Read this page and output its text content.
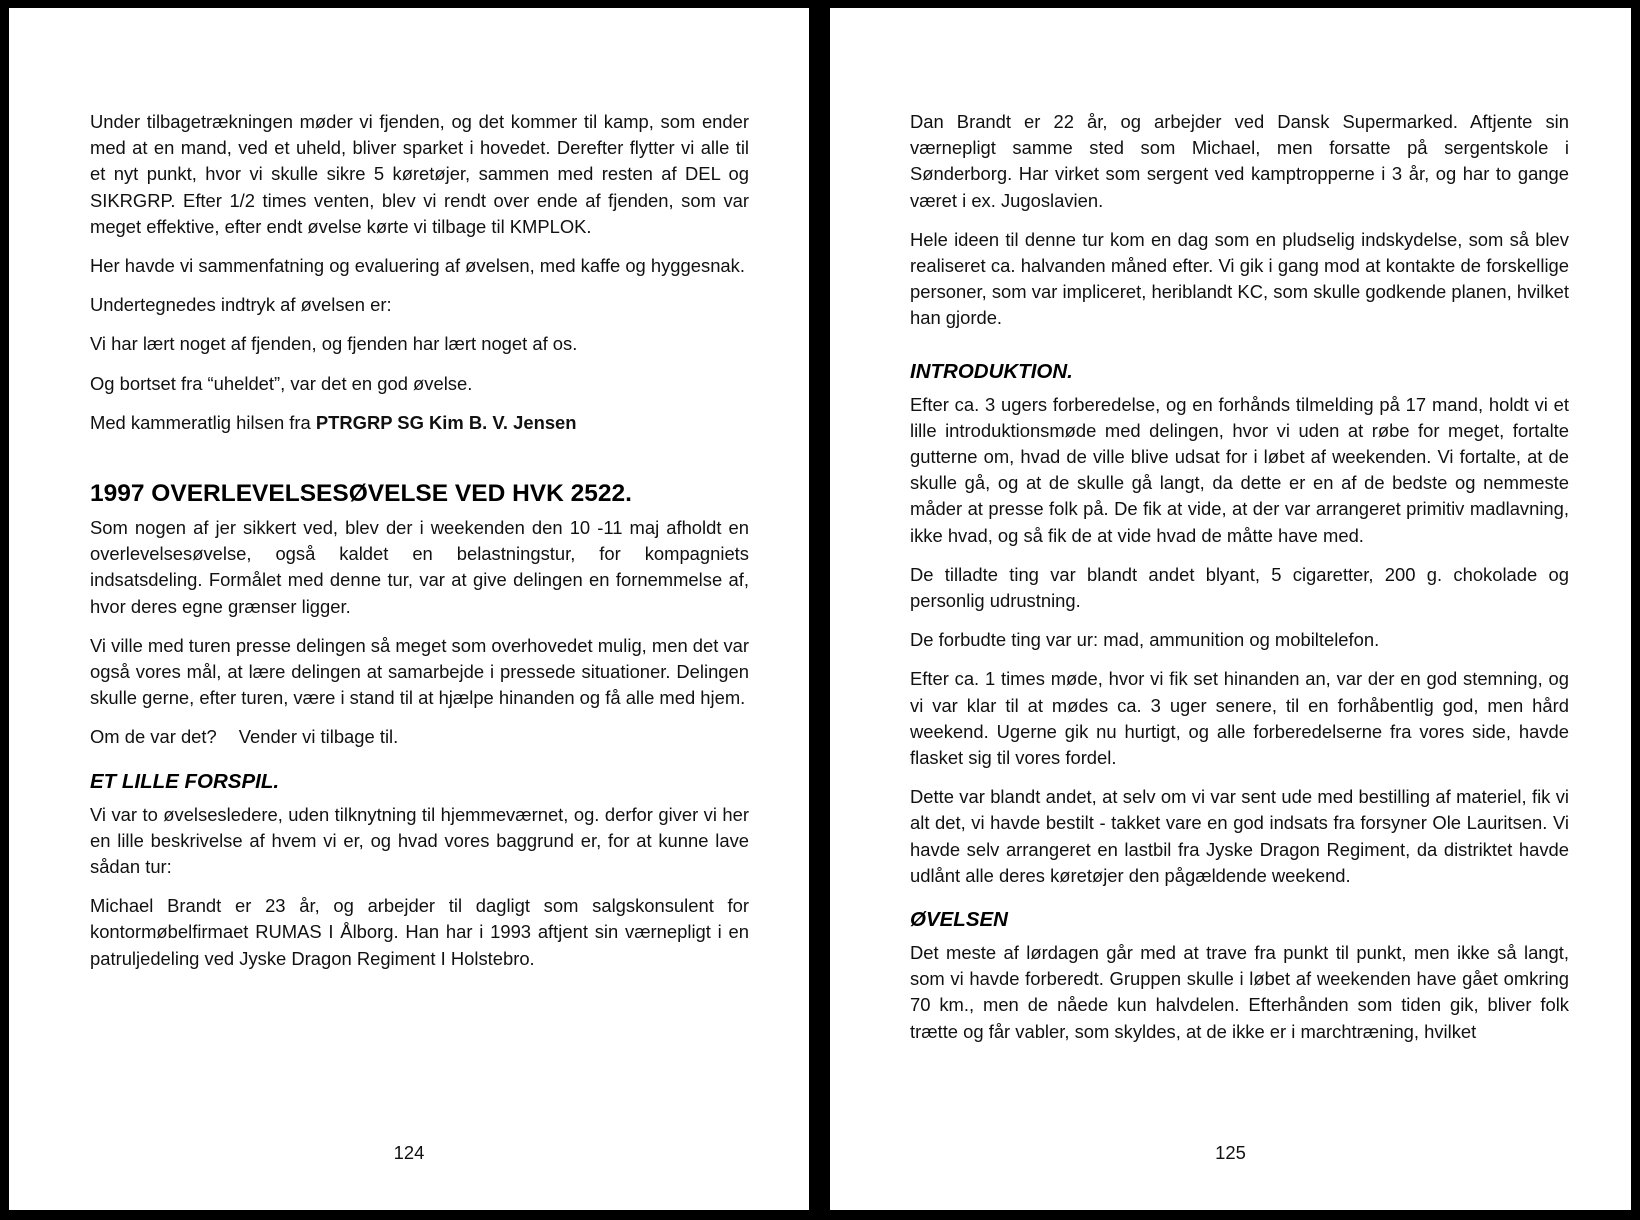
Under tilbagetrækningen møder vi fjenden, og det kommer til kamp, som ender med at en mand, ved et uheld, bliver sparket i hovedet. Derefter flytter vi alle til et nyt punkt, hvor vi skulle sikre 5 køretøjer, sammen med resten af DEL og SIKRGRP. Efter 1/2 times venten, blev vi rendt over ende af fjenden, som var meget effektive, efter endt øvelse kørte vi tilbage til KMPLOK.

Her havde vi sammenfatning og evaluering af øvelsen, med kaffe og hyggesnak.

Undertegnedes indtryk af øvelsen er:

Vi har lært noget af fjenden, og fjenden har lært noget af os.

Og bortset fra “uheldet”, var det en god øvelse.

Med kammeratlig hilsen fra PTRGRP SG Kim B. V. Jensen

1997 OVERLEVELSESØVELSE VED HVK 2522.

Som nogen af jer sikkert ved, blev der i weekenden den 10 -11 maj afholdt en overlevelsesøvelse, også kaldet en belastningstur, for kompagniets indsatsdeling. Formålet med denne tur, var at give delingen en fornemmelse af, hvor deres egne grænser ligger.

Vi ville med turen presse delingen så meget som overhovedet mulig, men det var også vores mål, at lære delingen at samarbejde i pressede situationer. Delingen skulle gerne, efter turen, være i stand til at hjælpe hinanden og få alle med hjem.

Om de var det? Vender vi tilbage til.

ET LILLE FORSPIL.

Vi var to øvelsesledere, uden tilknytning til hjemmeværnet, og. derfor giver vi her en lille beskrivelse af hvem vi er, og hvad vores baggrund er, for at kunne lave sådan tur:

Michael Brandt er 23 år, og arbejder til dagligt som salgskonsulent for kontormøbelfirmaet RUMAS I Ålborg. Han har i 1993 aftjent sin værnepligt i en patruljedeling ved Jyske Dragon Regiment I Holstebro.

124

Dan Brandt er 22 år, og arbejder ved Dansk Supermarked. Aftjente sin værnepligt samme sted som Michael, men forsatte på sergentskole i Sønderborg. Har virket som sergent ved kamptropperne i 3 år, og har to gange været i ex. Jugoslavien.

Hele ideen til denne tur kom en dag som en pludselig indskydelse, som så blev realiseret ca. halvanden måned efter. Vi gik i gang mod at kontakte de forskellige personer, som var impliceret, heriblandt KC, som skulle godkende planen, hvilket han gjorde.

INTRODUKTION.

Efter ca. 3 ugers forberedelse, og en forhånds tilmelding på 17 mand, holdt vi et lille introduktionsmøde med delingen, hvor vi uden at røbe for meget, fortalte gutterne om, hvad de ville blive udsat for i løbet af weekenden. Vi fortalte, at de skulle gå, og at de skulle gå langt, da dette er en af de bedste og nemmeste måder at presse folk på. De fik at vide, at der var arrangeret primitiv madlavning, ikke hvad, og så fik de at vide hvad de måtte have med.

De tilladte ting var blandt andet blyant, 5 cigaretter, 200 g. chokolade og personlig udrustning.

De forbudte ting var ur: mad, ammunition og mobiltelefon.

Efter ca. 1 times møde, hvor vi fik set hinanden an, var der en god stemning, og vi var klar til at mødes ca. 3 uger senere, til en forhåbentlig god, men hård weekend. Ugerne gik nu hurtigt, og alle forberedelserne fra vores side, havde flasket sig til vores fordel.

Dette var blandt andet, at selv om vi var sent ude med bestilling af materiel, fik vi alt det, vi havde bestilt - takket vare en god indsats fra forsyner Ole Lauritsen. Vi havde selv arrangeret en lastbil fra Jyske Dragon Regiment, da distriktet havde udlånt alle deres køretøjer den pågældende weekend.

ØVELSEN

Det meste af lørdagen går med at trave fra punkt til punkt, men ikke så langt, som vi havde forberedt. Gruppen skulle i løbet af weekenden have gået omkring 70 km., men de nåede kun halvdelen. Efterhånden som tiden gik, bliver folk trætte og får vabler, som skyldes, at de ikke er i marchtræning, hvilket

125
